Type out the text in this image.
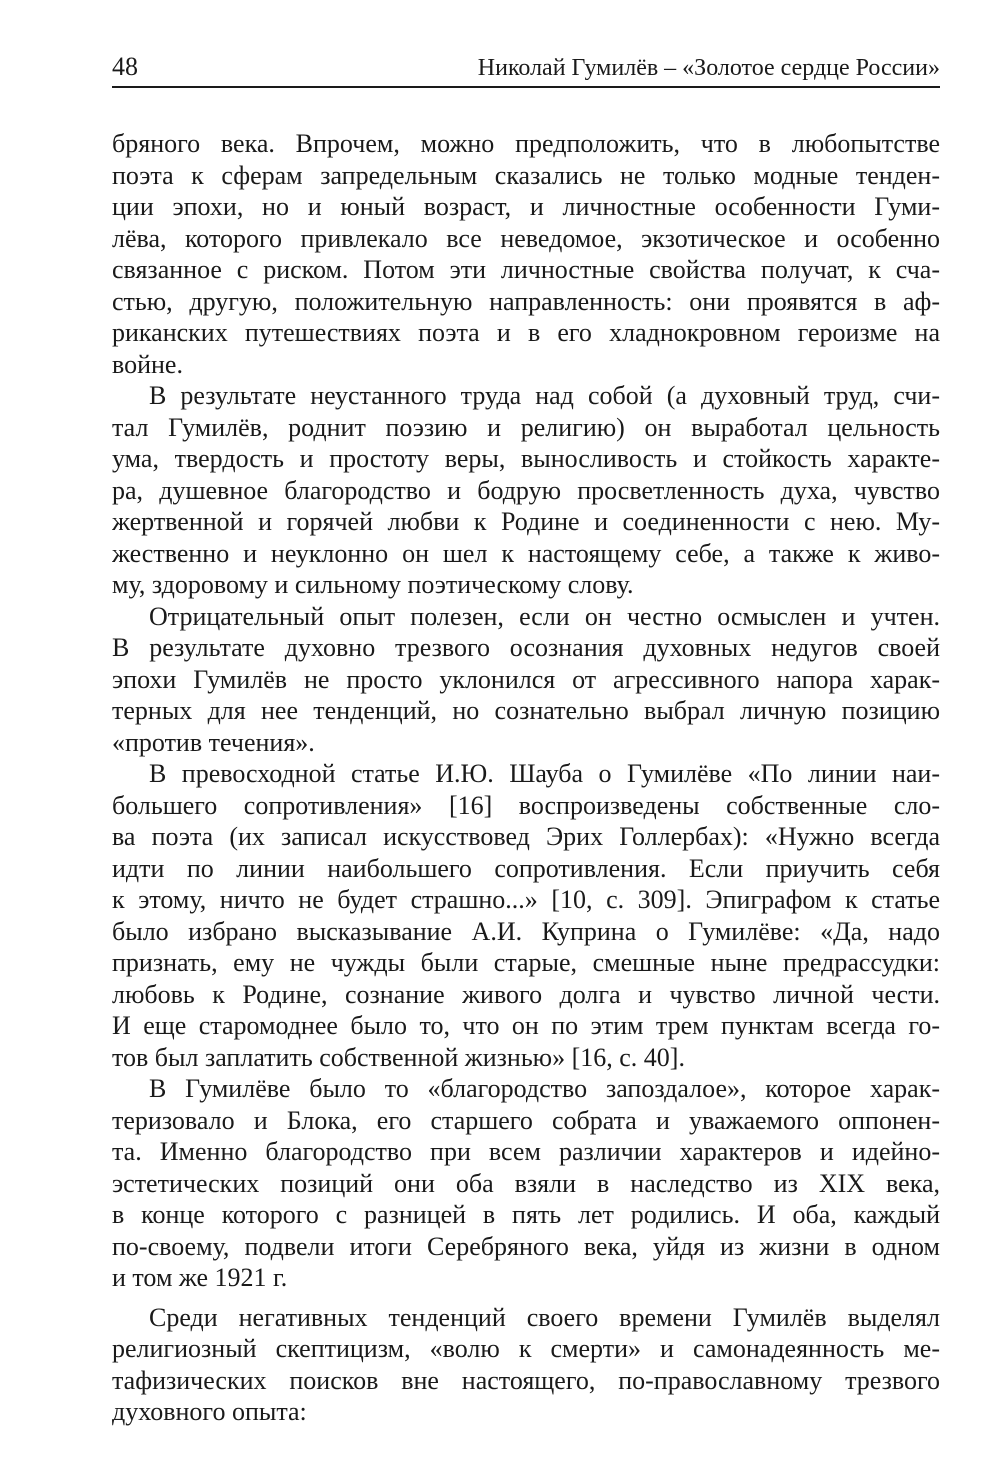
48	Николай Гумилёв – «Золотое сердце России»
бряного века. Впрочем, можно предположить, что в любопытстве
поэта к сферам запредельным сказались не только модные тенден-
ции эпохи, но и юный возраст, и личностные особенности Гуми-
лёва, которого привлекало все неведомое, экзотическое и особенно
связанное с риском. Потом эти личностные свойства получат, к сча-
стью, другую, положительную направленность: они проявятся в аф-
риканских путешествиях поэта и в его хладнокровном героизме на
войне.
В результате неустанного труда над собой (а духовный труд, счи-
тал Гумилёв, роднит поэзию и религию) он выработал цельность
ума, твердость и простоту веры, выносливость и стойкость характе-
ра, душевное благородство и бодрую просветленность духа, чувство
жертвенной и горячей любви к Родине и соединенности с нею. Му-
жественно и неуклонно он шел к настоящему себе, а также к живо-
му, здоровому и сильному поэтическому слову.
Отрицательный опыт полезен, если он честно осмыслен и учтен.
В результате духовно трезвого осознания духовных недугов своей
эпохи Гумилёв не просто уклонился от агрессивного напора харак-
терных для нее тенденций, но сознательно выбрал личную позицию
«против течения».
В превосходной статье И.Ю. Шауба о Гумилёве «По линии наи-
большего сопротивления» [16] воспроизведены собственные сло-
ва поэта (их записал искусствовед Эрих Голлербах): «Нужно всегда
идти по линии наибольшего сопротивления. Если приучить себя
к этому, ничто не будет страшно...» [10, с. 309]. Эпиграфом к статье
было избрано высказывание А.И. Куприна о Гумилёве: «Да, надо
признать, ему не чужды были старые, смешные ныне предрассудки:
любовь к Родине, сознание живого долга и чувство личной чести.
И еще старомоднее было то, что он по этим трем пунктам всегда го-
тов был заплатить собственной жизнью» [16, с. 40].
В Гумилёве было то «благородство запоздалое», которое харак-
теризовало и Блока, его старшего собрата и уважаемого оппонен-
та. Именно благородство при всем различии характеров и идейно-
эстетических позиций они оба взяли в наследство из XIX века,
в конце которого с разницей в пять лет родились. И оба, каждый
по-своему, подвели итоги Серебряного века, уйдя из жизни в одном
и том же 1921 г.
Среди негативных тенденций своего времени Гумилёв выделял
религиозный скептицизм, «волю к смерти» и самонадеянность ме-
тафизических поисков вне настоящего, по-православному трезвого
духовного опыта:
